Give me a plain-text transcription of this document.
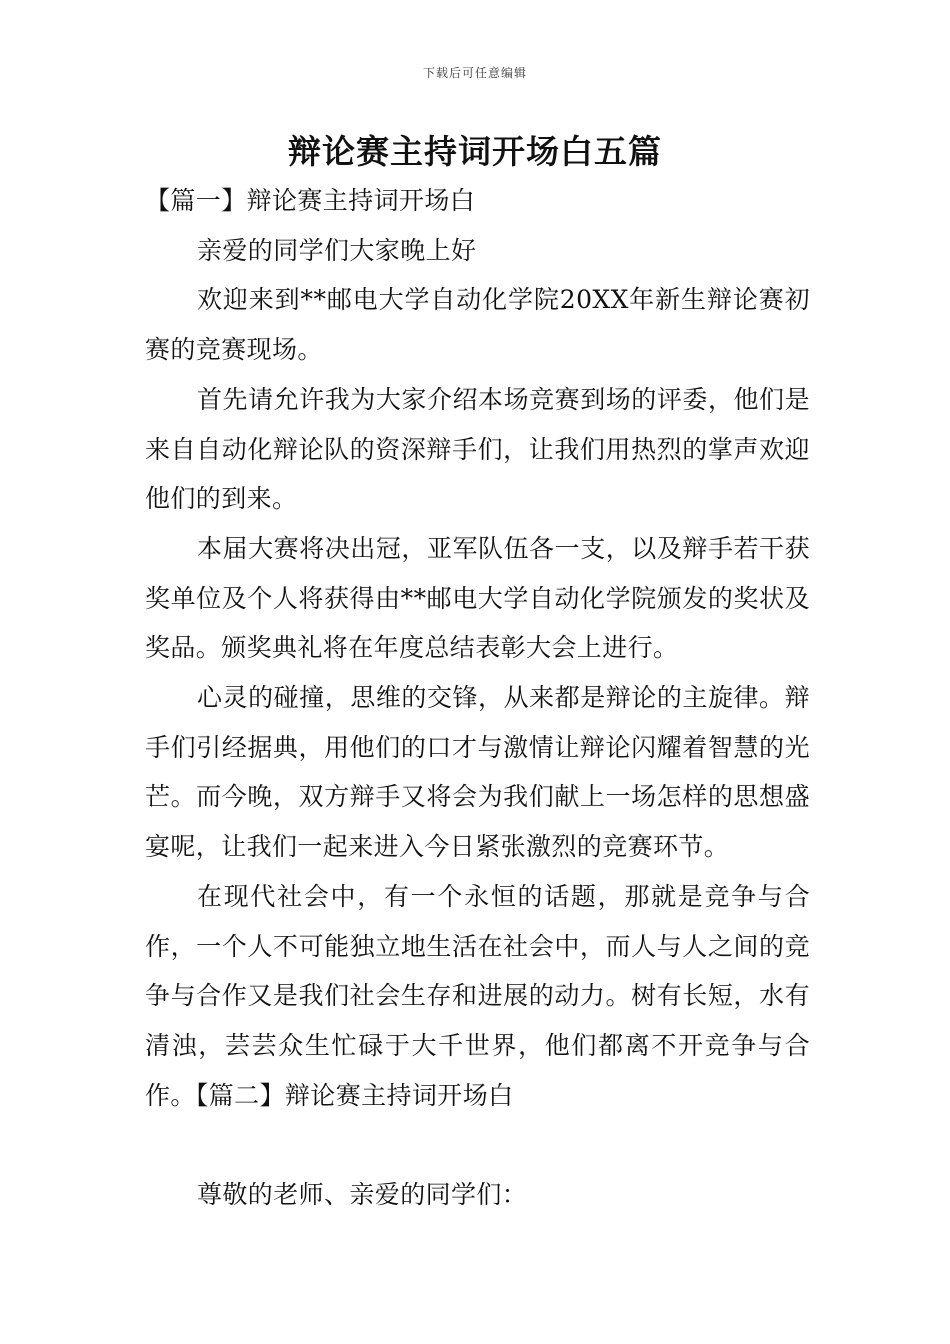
下载后可任意编辑
辩论赛主持词开场白五篇

【篇一】辩论赛主持词开场白

亲爱的同学们大家晚上好

欢迎来到**邮电大学自动化学院20XX年新生辩论赛初赛的竞赛现场。

首先请允许我为大家介绍本场竞赛到场的评委，他们是来自自动化辩论队的资深辩手们，让我们用热烈的掌声欢迎他们的到来。

本届大赛将决出冠，亚军队伍各一支，以及辩手若干获奖单位及个人将获得由**邮电大学自动化学院颁发的奖状及奖品。颁奖典礼将在年度总结表彰大会上进行。

心灵的碰撞，思维的交锋，从来都是辩论的主旋律。辩手们引经据典，用他们的口才与激情让辩论闪耀着智慧的光芒。而今晚，双方辩手又将会为我们献上一场怎样的思想盛宴呢，让我们一起来进入今日紧张激烈的竞赛环节。

在现代社会中，有一个永恒的话题，那就是竞争与合作，一个人不可能独立地生活在社会中，而人与人之间的竞争与合作又是我们社会生存和进展的动力。树有长短，水有清浊，芸芸众生忙碌于大千世界，他们都离不开竞争与合作。【篇二】辩论赛主持词开场白

尊敬的老师、亲爱的同学们：
